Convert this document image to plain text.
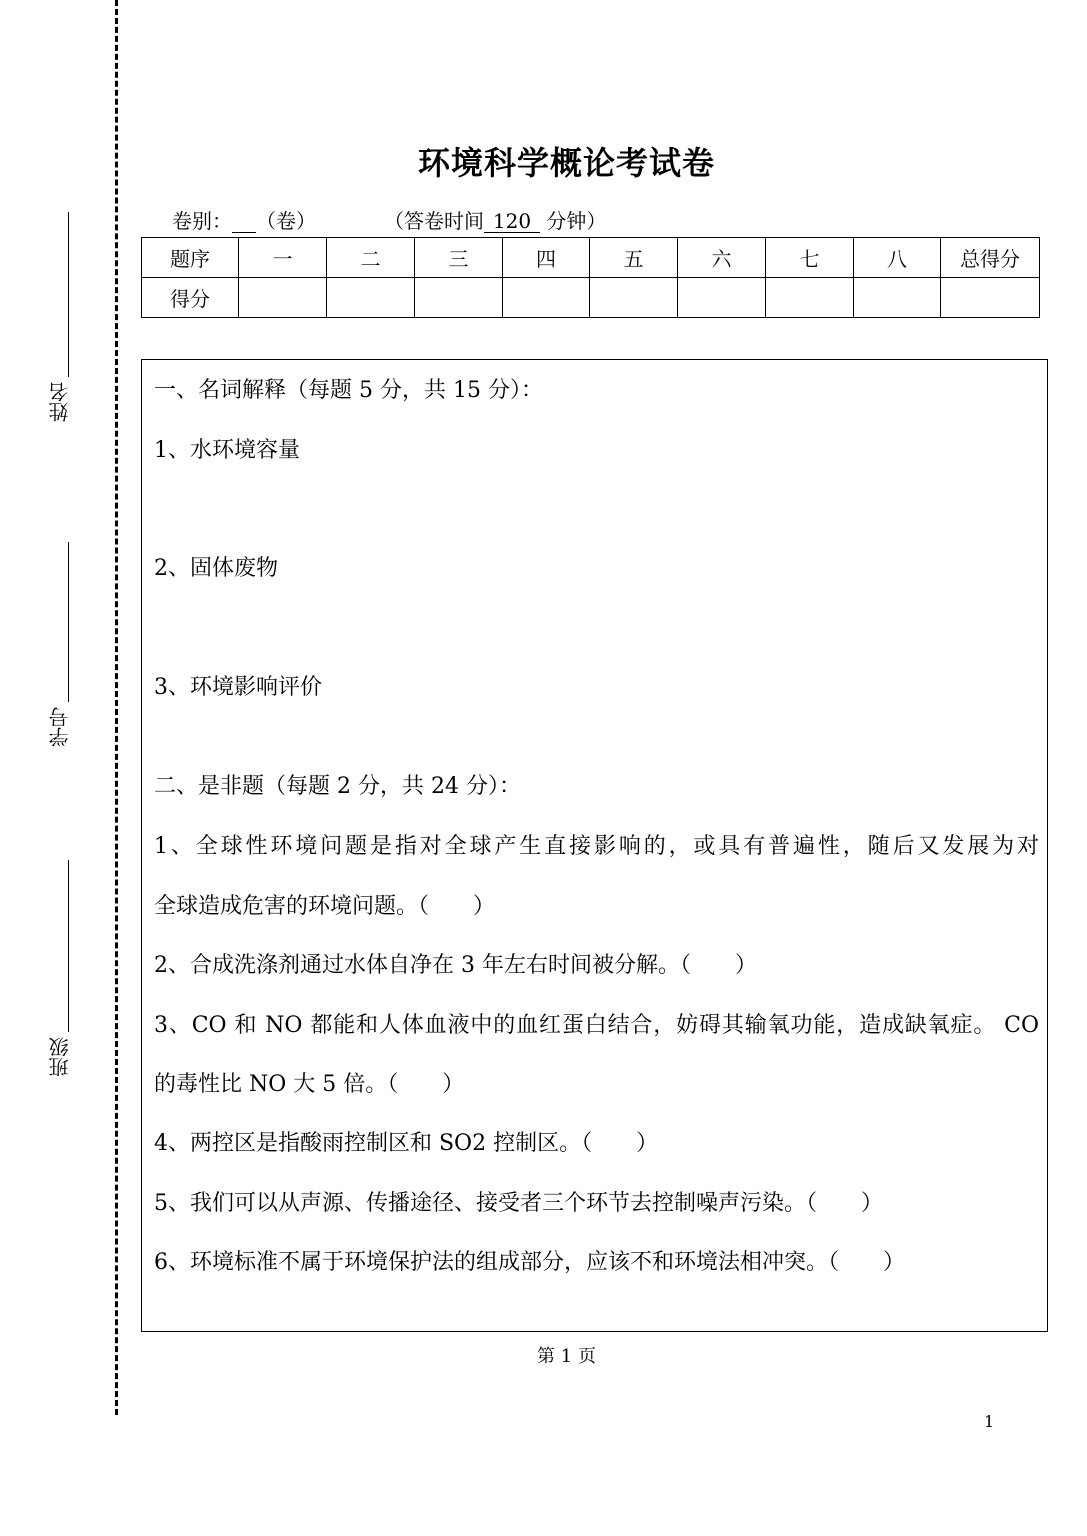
姓名
学号
班级
环境科学概论考试卷
卷别： （卷）	（答卷时间 120 分钟）
题序	一	二	三	四	五	六	七	八	总得分
得分									
一、名词解释（每题 5 分，共 15 分）：
1、水环境容量
2、固体废物
3、环境影响评价
二、是非题（每题 2 分，共 24 分）：
1、全球性环境问题是指对全球产生直接影响的，或具有普遍性，随后又发展为对
全球造成危害的环境问题。（　　）
2、合成洗涤剂通过水体自净在 3 年左右时间被分解。（　　）
3、CO 和 NO 都能和人体血液中的血红蛋白结合，妨碍其输氧功能，造成缺氧症。 CO
的毒性比 NO 大 5 倍。（　　）
4、两控区是指酸雨控制区和 SO2 控制区。（　　）
5、我们可以从声源、传播途径、接受者三个环节去控制噪声污染。（　　）
6、环境标准不属于环境保护法的组成部分，应该不和环境法相冲突。（　　）
第 1 页
1
